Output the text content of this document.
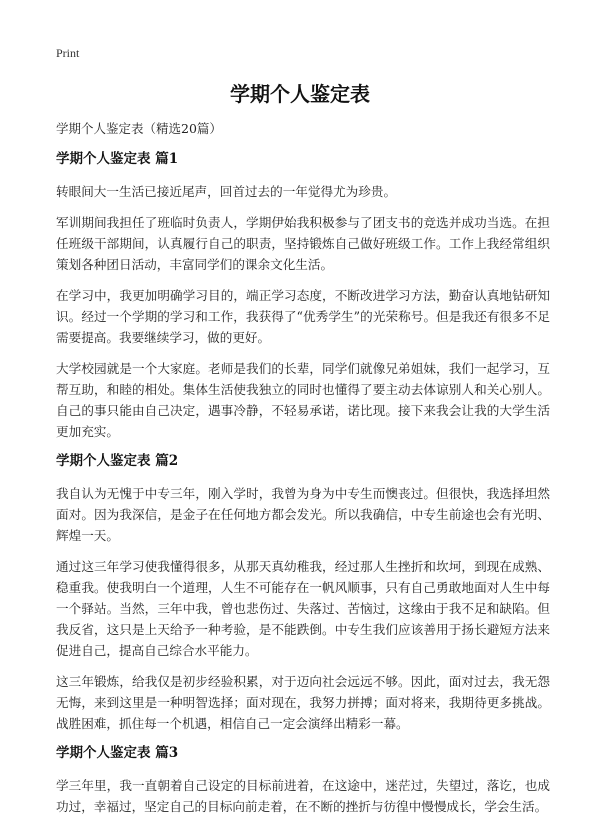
Print
学期个人鉴定表

学期个人鉴定表（精选20篇）

学期个人鉴定表 篇1

转眼间大一生活已接近尾声，回首过去的一年觉得尤为珍贵。

军训期间我担任了班临时负责人，学期伊始我积极参与了团支书的竞选并成功当选。在担任班级干部期间，认真履行自己的职责，坚持锻炼自己做好班级工作。工作上我经常组织策划各种团日活动，丰富同学们的课余文化生活。

在学习中，我更加明确学习目的，端正学习态度，不断改进学习方法，勤奋认真地钻研知识。经过一个学期的学习和工作，我获得了“优秀学生”的光荣称号。但是我还有很多不足需要提高。我要继续学习，做的更好。

大学校园就是一个大家庭。老师是我们的长辈，同学们就像兄弟姐妹，我们一起学习，互帮互助，和睦的相处。集体生活使我独立的同时也懂得了要主动去体谅别人和关心别人。自己的事只能由自己决定，遇事冷静，不轻易承诺，诺比现。接下来我会让我的大学生活更加充实。

学期个人鉴定表 篇2

我自认为无愧于中专三年，刚入学时，我曾为身为中专生而懊丧过。但很快，我选择坦然面对。因为我深信，是金子在任何地方都会发光。所以我确信，中专生前途也会有光明、辉煌一天。

通过这三年学习使我懂得很多，从那天真幼稚我，经过那人生挫折和坎坷，到现在成熟、稳重我。使我明白一个道理，人生不可能存在一帆风顺事，只有自己勇敢地面对人生中每一个驿站。当然，三年中我，曾也悲伤过、失落过、苦恼过，这缘由于我不足和缺陷。但我反省，这只是上天给予一种考验，是不能跌倒。中专生我们应该善用于扬长避短方法来促进自己，提高自己综合水平能力。

这三年锻炼，给我仅是初步经验积累，对于迈向社会远远不够。因此，面对过去，我无怨无悔，来到这里是一种明智选择；面对现在，我努力拼搏；面对将来，我期待更多挑战。战胜困难，抓住每一个机遇，相信自己一定会演绎出精彩一幕。

学期个人鉴定表 篇3

学三年里，我一直朝着自己设定的目标前进着，在这途中，迷茫过，失望过，落讫，也成功过，幸福过，坚定自己的目标向前走着，在不断的挫折与彷徨中慢慢成长，学会生活。
